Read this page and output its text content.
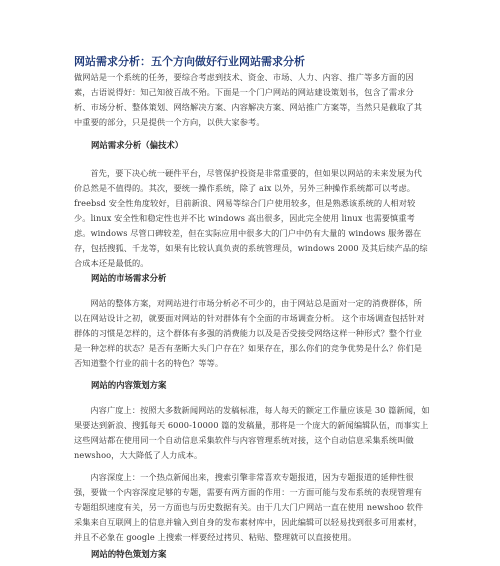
网站需求分析：五个方向做好行业网站需求分析
做网站是一个系统的任务，要综合考虑到技术、资金、市场、人力、内容、推广等多方面的因素，古语说得好：知己知彼百战不殆。下面是一个门户网站的网站建设策划书，包含了需求分析、市场分析、整体策划、网络解决方案、内容解决方案、网站推广方案等，当然只是截取了其中重要的部分，只是提供一个方向，以供大家参考。
网站需求分析（偏技术）
首先，要下决心统一硬件平台，尽管保护投资是非常重要的，但如果以网站的未来发展为代价总然是不值得的。其次，要统一操作系统，除了 aix 以外，另外三种操作系统都可以考虑。freebsd 安全性角度较好，目前新浪、网易等综合门户使用较多，但是熟悉该系统的人相对较少。linux 安全性和稳定性也并不比 windows 高出很多，因此完全使用 linux 也需要慎重考虑。windows 尽管口碑较差，但在实际应用中很多大的门户中仍有大量的 windows 服务器在存，包括搜狐、千龙等，如果有比较认真负责的系统管理员，windows 2000 及其后续产品的综合成本还是最低的。
网站的市场需求分析
网站的整体方案，对网站进行市场分析必不可少的，由于网站总是面对一定的消费群体，所以在网站设计之初，就要面对网站的针对群体有个全面的市场调查分析。 这个市场调查包括针对群体的习惯是怎样的，这个群体有多强的消费能力以及是否受接受网络这样一种形式？整个行业是一种怎样的状态？是否有垄断大头门户存在？如果存在，那么你们的竞争优势是什么？你们是否知道整个行业的前十名的特色？等等。
网站的内容策划方案
内容广度上：按照大多数新闻网站的发稿标准，每人每天的额定工作量应该是 30 篇新闻，如果要达到新浪、搜狐每天 6000-10000 篇的发稿量，那将是一个庞大的新闻编辑队伍，而事实上这些网站都在使用同一个自动信息采集软件与内容管理系统对接，这个自动信息采集系统叫做 newshoo，大大降低了人力成本。
内容深度上：一个热点新闻出来，搜索引擎非常喜欢专题报道，因为专题报道的延伸性很强，要做一个内容深度足够的专题，需要有两方面的作用：一方面可能与发布系统的表现管理有专题组织速度有关，另一方面也与历史数据有关。由于几大门户网站一直在使用 newshoo 软件采集来自互联网上的信息并输入到自身的发布素材库中，因此编辑可以轻易找到很多可用素材，并且不必象在 google 上搜索一样要经过拷贝、粘贴、整理就可以直接使用。
网站的特色策划方案
